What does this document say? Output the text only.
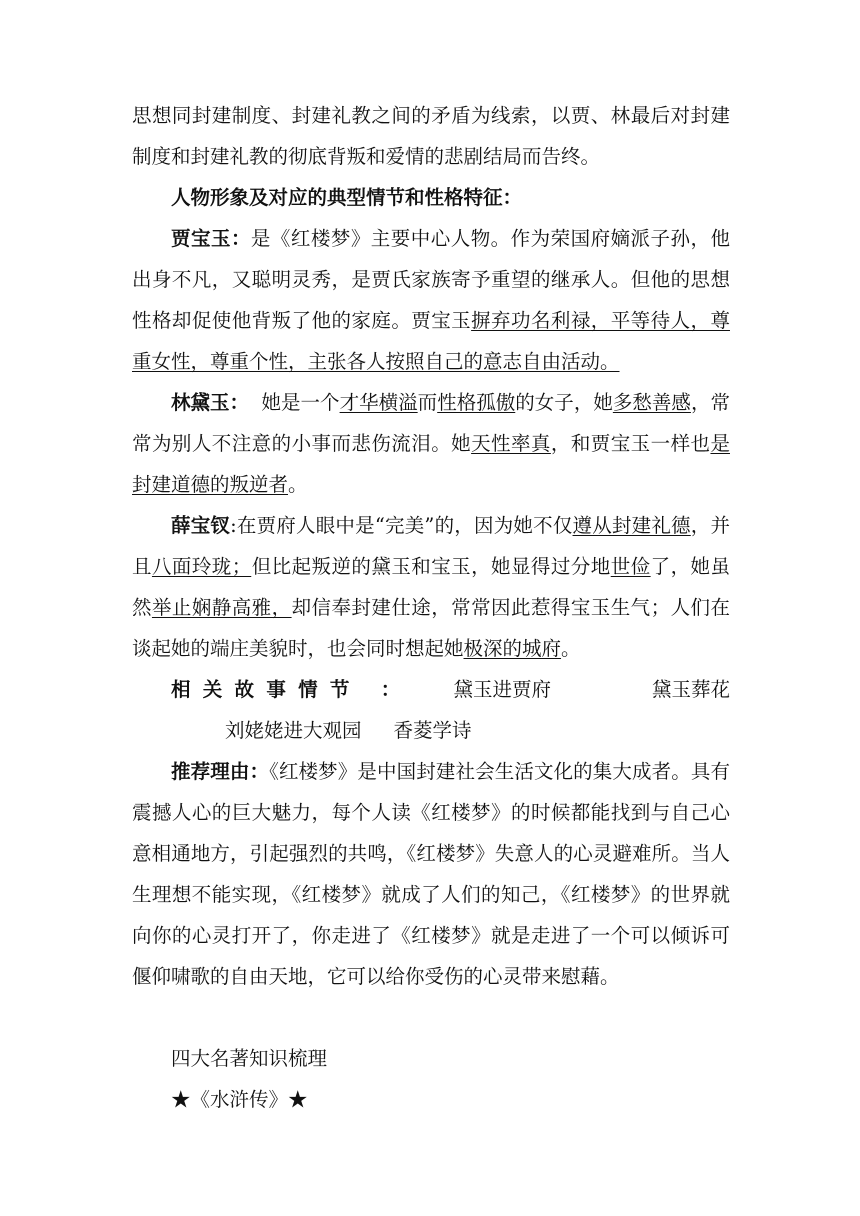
思想同封建制度、封建礼教之间的矛盾为线索，以贾、林最后对封建制度和封建礼教的彻底背叛和爱情的悲剧结局而告终。

人物形象及对应的典型情节和性格特征：

贾宝玉：是《红楼梦》主要中心人物。作为荣国府嫡派子孙，他出身不凡，又聪明灵秀，是贾氏家族寄予重望的继承人。但他的思想性格却促使他背叛了他的家庭。贾宝玉摒弃功名利禄，平等待人，尊重女性，尊重个性，主张各人按照自己的意志自由活动。

林黛玉：  她是一个才华横溢而性格孤傲的女子，她多愁善感，常常为别人不注意的小事而悲伤流泪。她天性率真，和贾宝玉一样也是封建道德的叛逆者。

薛宝钗:在贾府人眼中是“完美”的，因为她不仅遵从封建礼德，并且八面玲珑；但比起叛逆的黛玉和宝玉，她显得过分地世俭了，她虽然举止娴静高雅，却信奉封建仕途，常常因此惹得宝玉生气；人们在谈起她的端庄美貌时，也会同时想起她极深的城府。

相关故事情节 ： 黛玉进贾府	黛玉葬花刘姥姥进大观园 香菱学诗

推荐理由：《红楼梦》是中国封建社会生活文化的集大成者。具有震撼人心的巨大魅力，每个人读《红楼梦》的时候都能找到与自己心意相通地方，引起强烈的共鸣，《红楼梦》失意人的心灵避难所。当人生理想不能实现，《红楼梦》就成了人们的知己，《红楼梦》的世界就向你的心灵打开了，你走进了《红楼梦》就是走进了一个可以倾诉可偃仰啸歌的自由天地，它可以给你受伤的心灵带来慰藉。

四大名著知识梳理

★《水浒传》★
